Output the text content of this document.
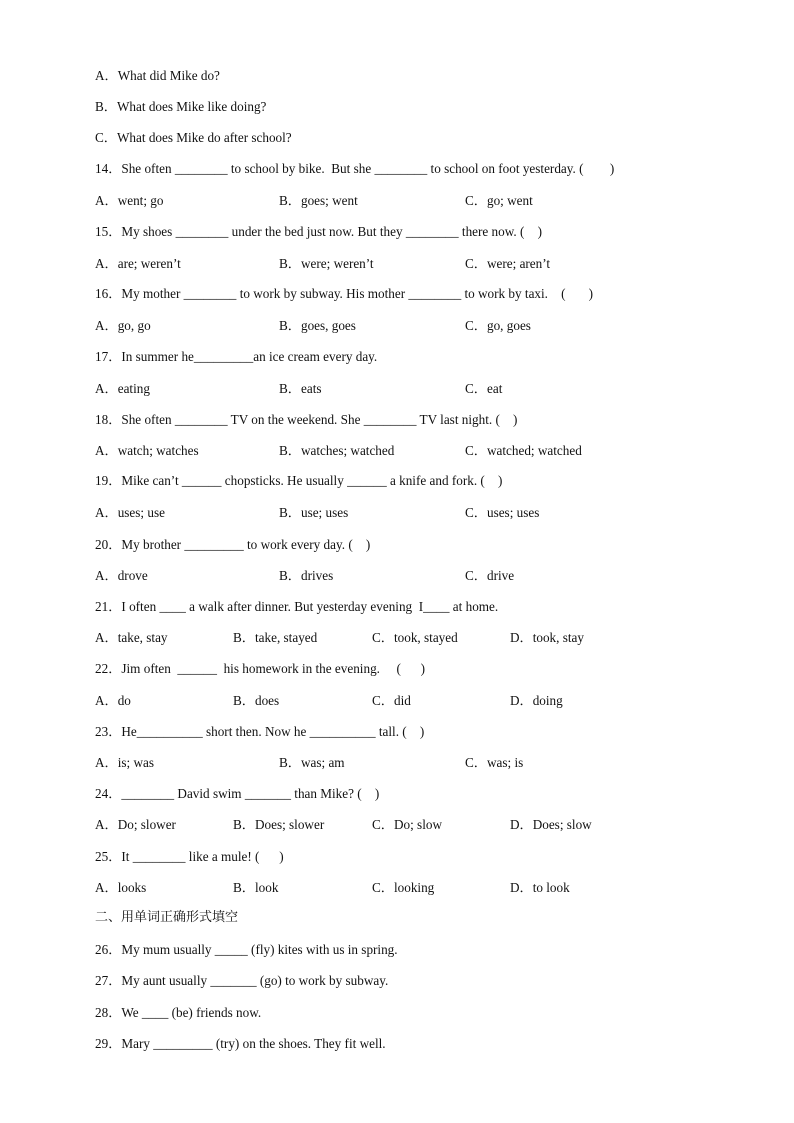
A．What did Mike do?
B．What does Mike like doing?
C．What does Mike do after school?
14．She often ________ to school by bike.  But she ________ to school on foot yesterday. (        )
A．went; go	B．goes; went	C．go; went
15．My shoes ________ under the bed just now. But they ________ there now. (    )
A．are; weren’t	B．were; weren’t	C．were; aren’t
16．My mother ________ to work by subway. His mother ________ to work by taxi.    (       )
A．go, go	B．goes, goes	C．go, goes
17．In summer he_________an ice cream every day.
A．eating	B．eats	C．eat
18．She often ________ TV on the weekend. She ________ TV last night. (    )
A．watch; watches	B．watches; watched	C．watched; watched
19．Mike can’t ______ chopsticks. He usually ______ a knife and fork. (    )
A．uses; use	B．use; uses	C．uses; uses
20．My brother _________ to work every day. (    )
A．drove	B．drives	C．drive
21．I often ____ a walk after dinner. But yesterday evening  I____ at home.
A．take, stay	B．take, stayed	C．took, stayed	D．took, stay
22．Jim often  ______  his homework in the evening.     (      )
A．do	B．does	C．did	D．doing
23．He__________ short then. Now he __________ tall. (    )
A．is; was	B．was; am	C．was; is
24．________ David swim _______ than Mike? (    )
A．Do; slower	B．Does; slower	C．Do; slow	D．Does; slow
25．It ________ like a mule! (      )
A．looks	B．look	C．looking	D．to look
二、用单词正确形式填空
26．My mum usually _____ (fly) kites with us in spring.
27．My aunt usually _______ (go) to work by subway.
28．We ____ (be) friends now.
29．Mary _________ (try) on the shoes. They fit well.
